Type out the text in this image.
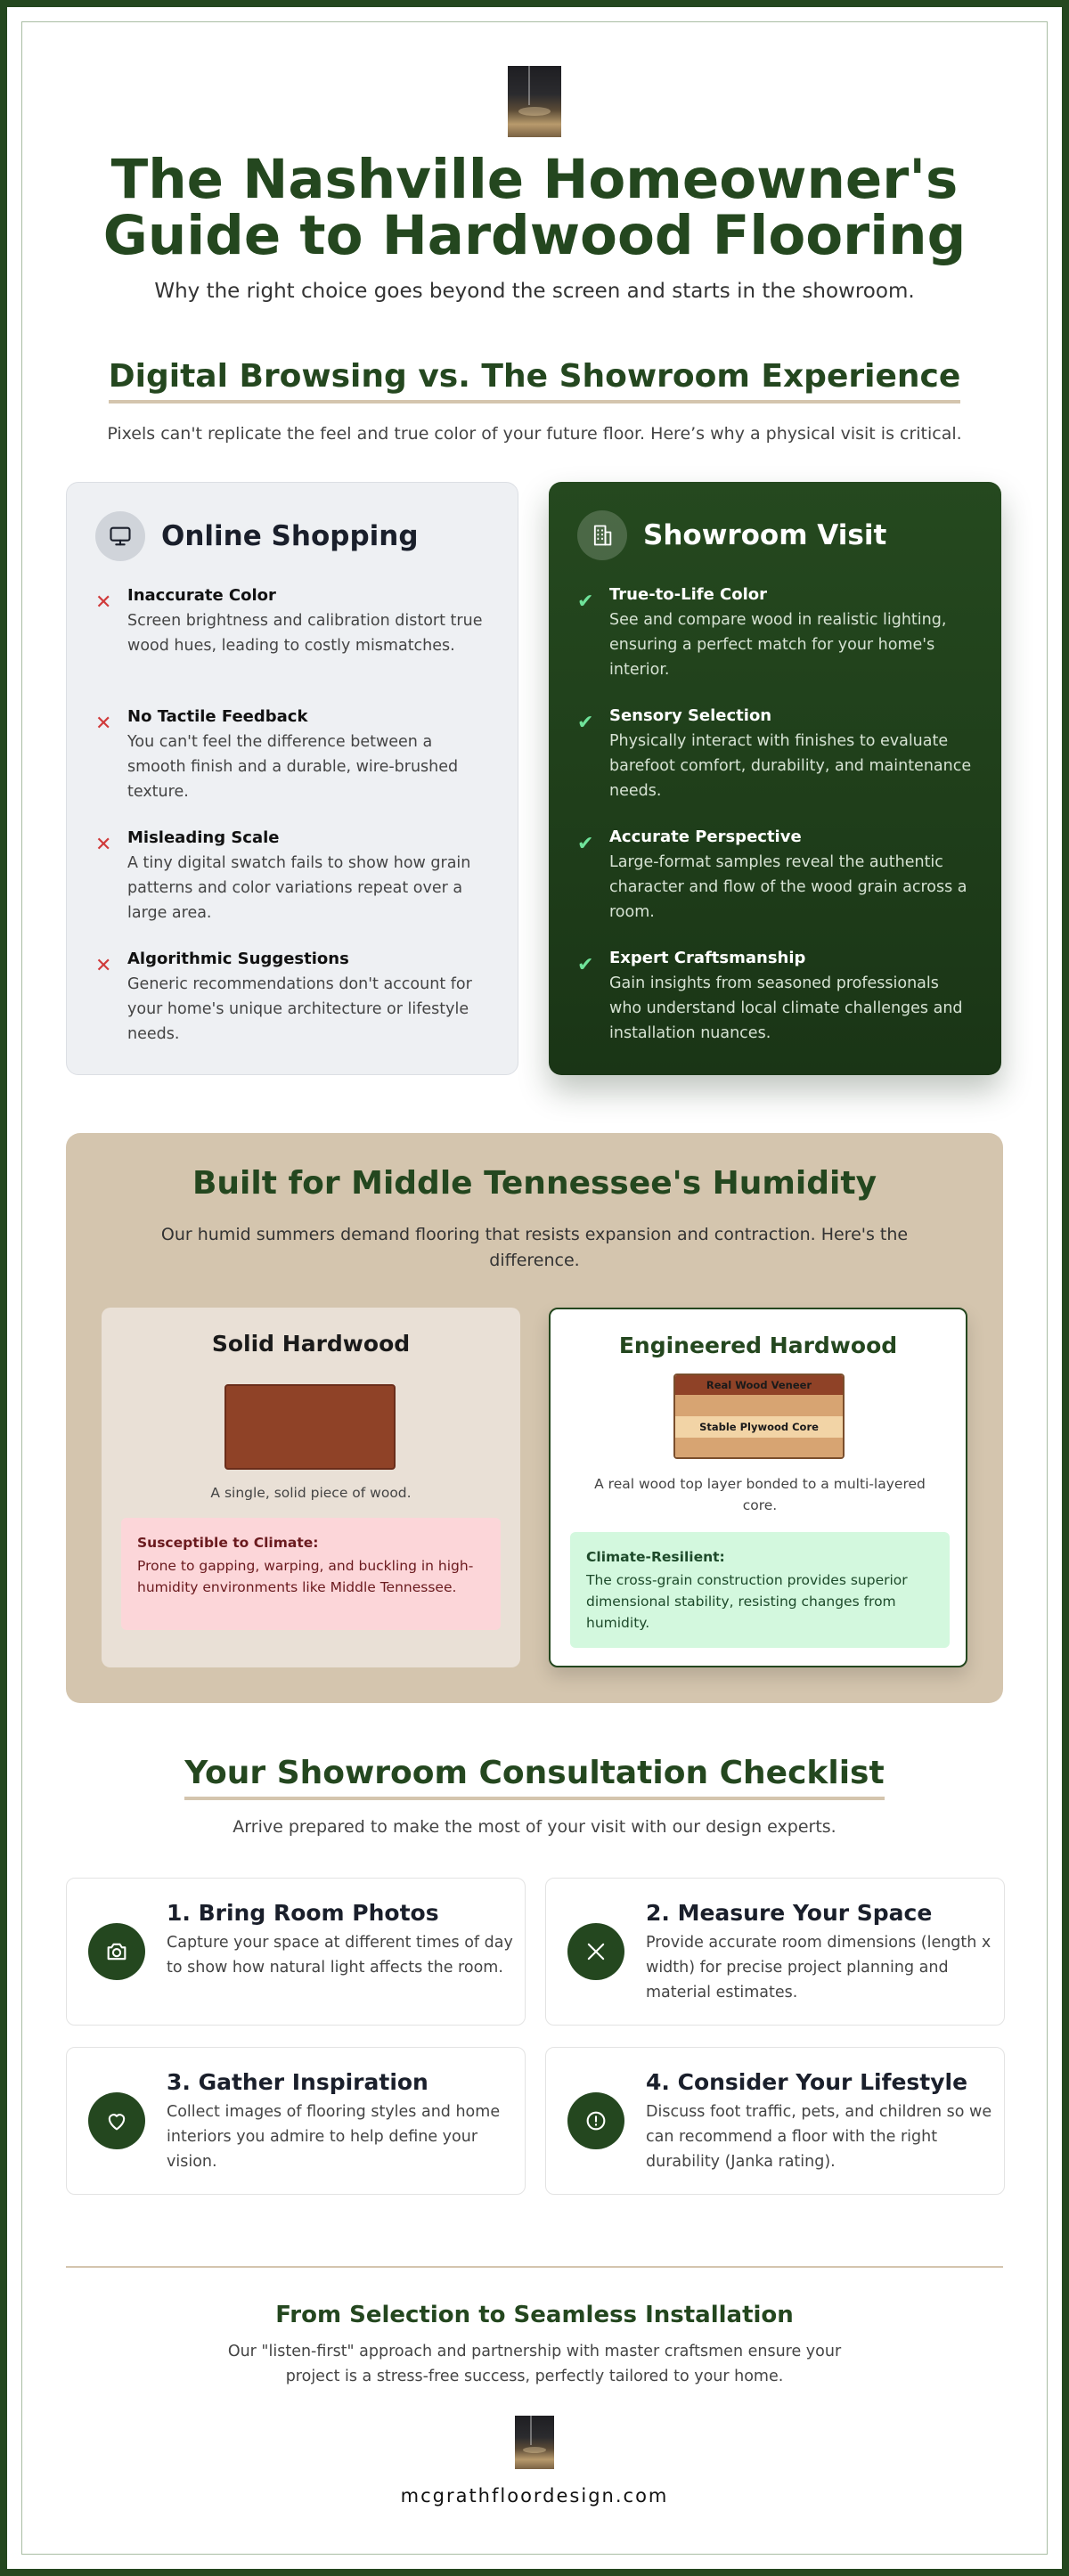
The Nashville Homeowner's
Guide to Hardwood Flooring
Why the right choice goes beyond the screen and starts in the showroom.
Digital Browsing vs. The Showroom Experience
Pixels can't replicate the feel and true color of your future floor. Here’s why a physical visit is critical.
Online Shopping
✕ Inaccurate Color
Screen brightness and calibration distort true wood hues, leading to costly mismatches.
✕ No Tactile Feedback
You can't feel the difference between a smooth finish and a durable, wire-brushed texture.
✕ Misleading Scale
A tiny digital swatch fails to show how grain patterns and color variations repeat over a large area.
✕ Algorithmic Suggestions
Generic recommendations don't account for your home's unique architecture or lifestyle needs.
Showroom Visit
✔ True-to-Life Color
See and compare wood in realistic lighting, ensuring a perfect match for your home's interior.
✔ Sensory Selection
Physically interact with finishes to evaluate barefoot comfort, durability, and maintenance needs.
✔ Accurate Perspective
Large-format samples reveal the authentic character and flow of the wood grain across a room.
✔ Expert Craftsmanship
Gain insights from seasoned professionals who understand local climate challenges and installation nuances.
Built for Middle Tennessee's Humidity
Our humid summers demand flooring that resists expansion and contraction. Here's the difference.
Solid Hardwood
A single, solid piece of wood.
Susceptible to Climate:
Prone to gapping, warping, and buckling in high-humidity environments like Middle Tennessee.
Engineered Hardwood
Real Wood Veneer
Stable Plywood Core
A real wood top layer bonded to a multi-layered core.
Climate-Resilient:
The cross-grain construction provides superior dimensional stability, resisting changes from humidity.
Your Showroom Consultation Checklist
Arrive prepared to make the most of your visit with our design experts.
1. Bring Room Photos
Capture your space at different times of day to show how natural light affects the room.
2. Measure Your Space
Provide accurate room dimensions (length x width) for precise project planning and material estimates.
3. Gather Inspiration
Collect images of flooring styles and home interiors you admire to help define your vision.
4. Consider Your Lifestyle
Discuss foot traffic, pets, and children so we can recommend a floor with the right durability (Janka rating).
From Selection to Seamless Installation
Our "listen-first" approach and partnership with master craftsmen ensure your project is a stress-free success, perfectly tailored to your home.
mcgrathfloordesign.com
